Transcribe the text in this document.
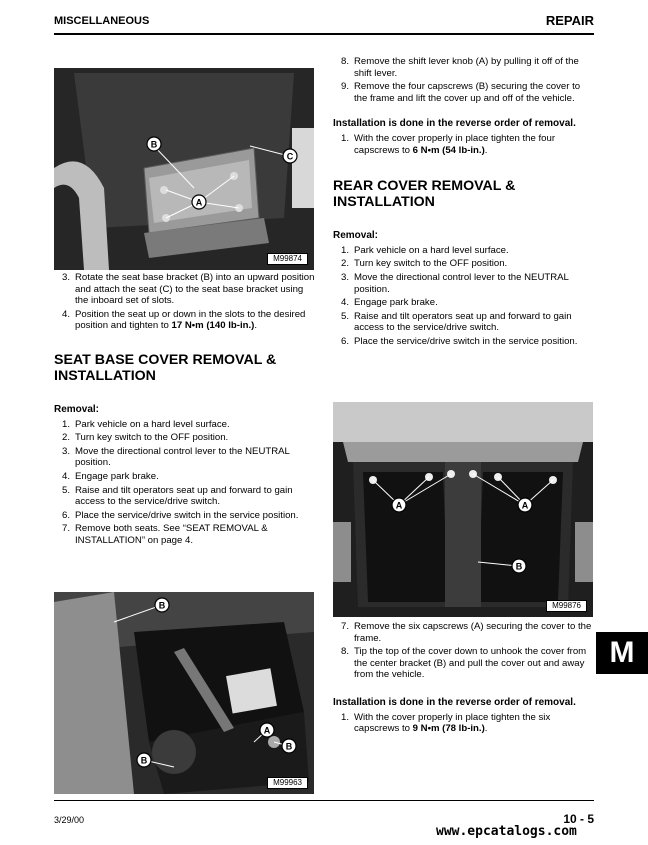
MISCELLANEOUS	REPAIR
B
C
A
M99874
3. Rotate the seat base bracket (B) into an upward position and attach the seat (C) to the seat base bracket using the inboard set of slots.
4. Position the seat up or down in the slots to the desired position and tighten to 17 N•m (140 lb-in.).
SEAT BASE COVER REMOVAL & INSTALLATION
Removal:
1. Park vehicle on a hard level surface.
2. Turn key switch to the OFF position.
3. Move the directional control lever to the NEUTRAL position.
4. Engage park brake.
5. Raise and tilt operators seat up and forward to gain access to the service/drive switch.
6. Place the service/drive switch in the service position.
7. Remove both seats. See “SEAT REMOVAL & INSTALLATION” on page 4.
B
A
B
B
M99963
8. Remove the shift lever knob (A) by pulling it off of the shift lever.
9. Remove the four capscrews (B) securing the cover to the frame and lift the cover up and off of the vehicle.
Installation is done in the reverse order of removal.
1. With the cover properly in place tighten the four capscrews to 6 N•m (54 lb-in.).
REAR COVER REMOVAL & INSTALLATION
Removal:
1. Park vehicle on a hard level surface.
2. Turn key switch to the OFF position.
3. Move the directional control lever to the NEUTRAL position.
4. Engage park brake.
5. Raise and tilt operators seat up and forward to gain access to the service/drive switch.
6. Place the service/drive switch in the service position.
A	A
B
M99876
7. Remove the six capscrews (A) securing the cover to the frame.
8. Tip the top of the cover down to unhook the cover from the center bracket (B) and pull the cover out and away from the vehicle.
Installation is done in the reverse order of removal.
1. With the cover properly in place tighten the six capscrews to 9 N•m (78 lb-in.).
M
3/29/00	10 - 5
www.epcatalogs.com
